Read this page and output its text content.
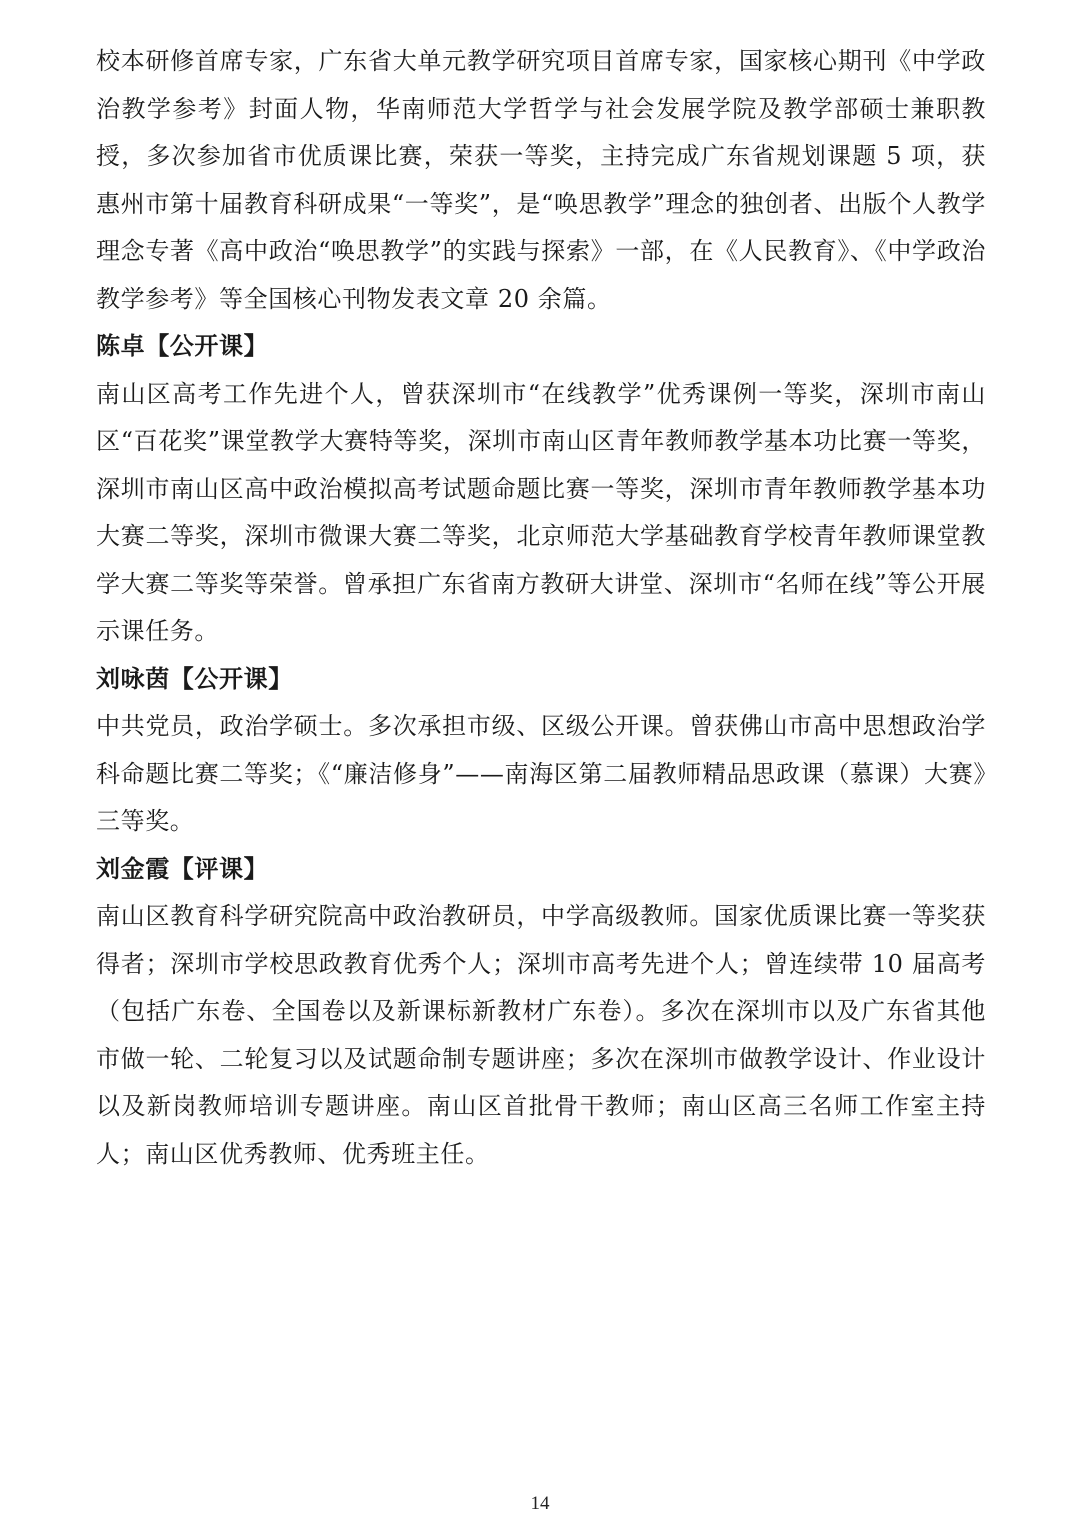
校本研修首席专家，广东省大单元教学研究项目首席专家，国家核心期刊《中学政治教学参考》封面人物，华南师范大学哲学与社会发展学院及教学部硕士兼职教授，多次参加省市优质课比赛，荣获一等奖，主持完成广东省规划课题 5 项，获惠州市第十届教育科研成果“一等奖”，是“唤思教学”理念的独创者、出版个人教学理念专著《高中政治“唤思教学”的实践与探索》一部，在《人民教育》、《中学政治教学参考》等全国核心刊物发表文章 20 余篇。

陈卓【公开课】

南山区高考工作先进个人，曾获深圳市“在线教学”优秀课例一等奖，深圳市南山区“百花奖”课堂教学大赛特等奖，深圳市南山区青年教师教学基本功比赛一等奖，深圳市南山区高中政治模拟高考试题命题比赛一等奖，深圳市青年教师教学基本功大赛二等奖，深圳市微课大赛二等奖，北京师范大学基础教育学校青年教师课堂教学大赛二等奖等荣誉。曾承担广东省南方教研大讲堂、深圳市“名师在线”等公开展示课任务。

刘咏茵【公开课】

中共党员，政治学硕士。多次承担市级、区级公开课。曾获佛山市高中思想政治学科命题比赛二等奖；《“廉洁修身”——南海区第二届教师精品思政课（慕课）大赛》三等奖。

刘金霞【评课】

南山区教育科学研究院高中政治教研员，中学高级教师。国家优质课比赛一等奖获得者；深圳市学校思政教育优秀个人；深圳市高考先进个人；曾连续带 10 届高考（包括广东卷、全国卷以及新课标新教材广东卷）。多次在深圳市以及广东省其他市做一轮、二轮复习以及试题命制专题讲座；多次在深圳市做教学设计、作业设计以及新岗教师培训专题讲座。南山区首批骨干教师；南山区高三名师工作室主持人；南山区优秀教师、优秀班主任。

14
